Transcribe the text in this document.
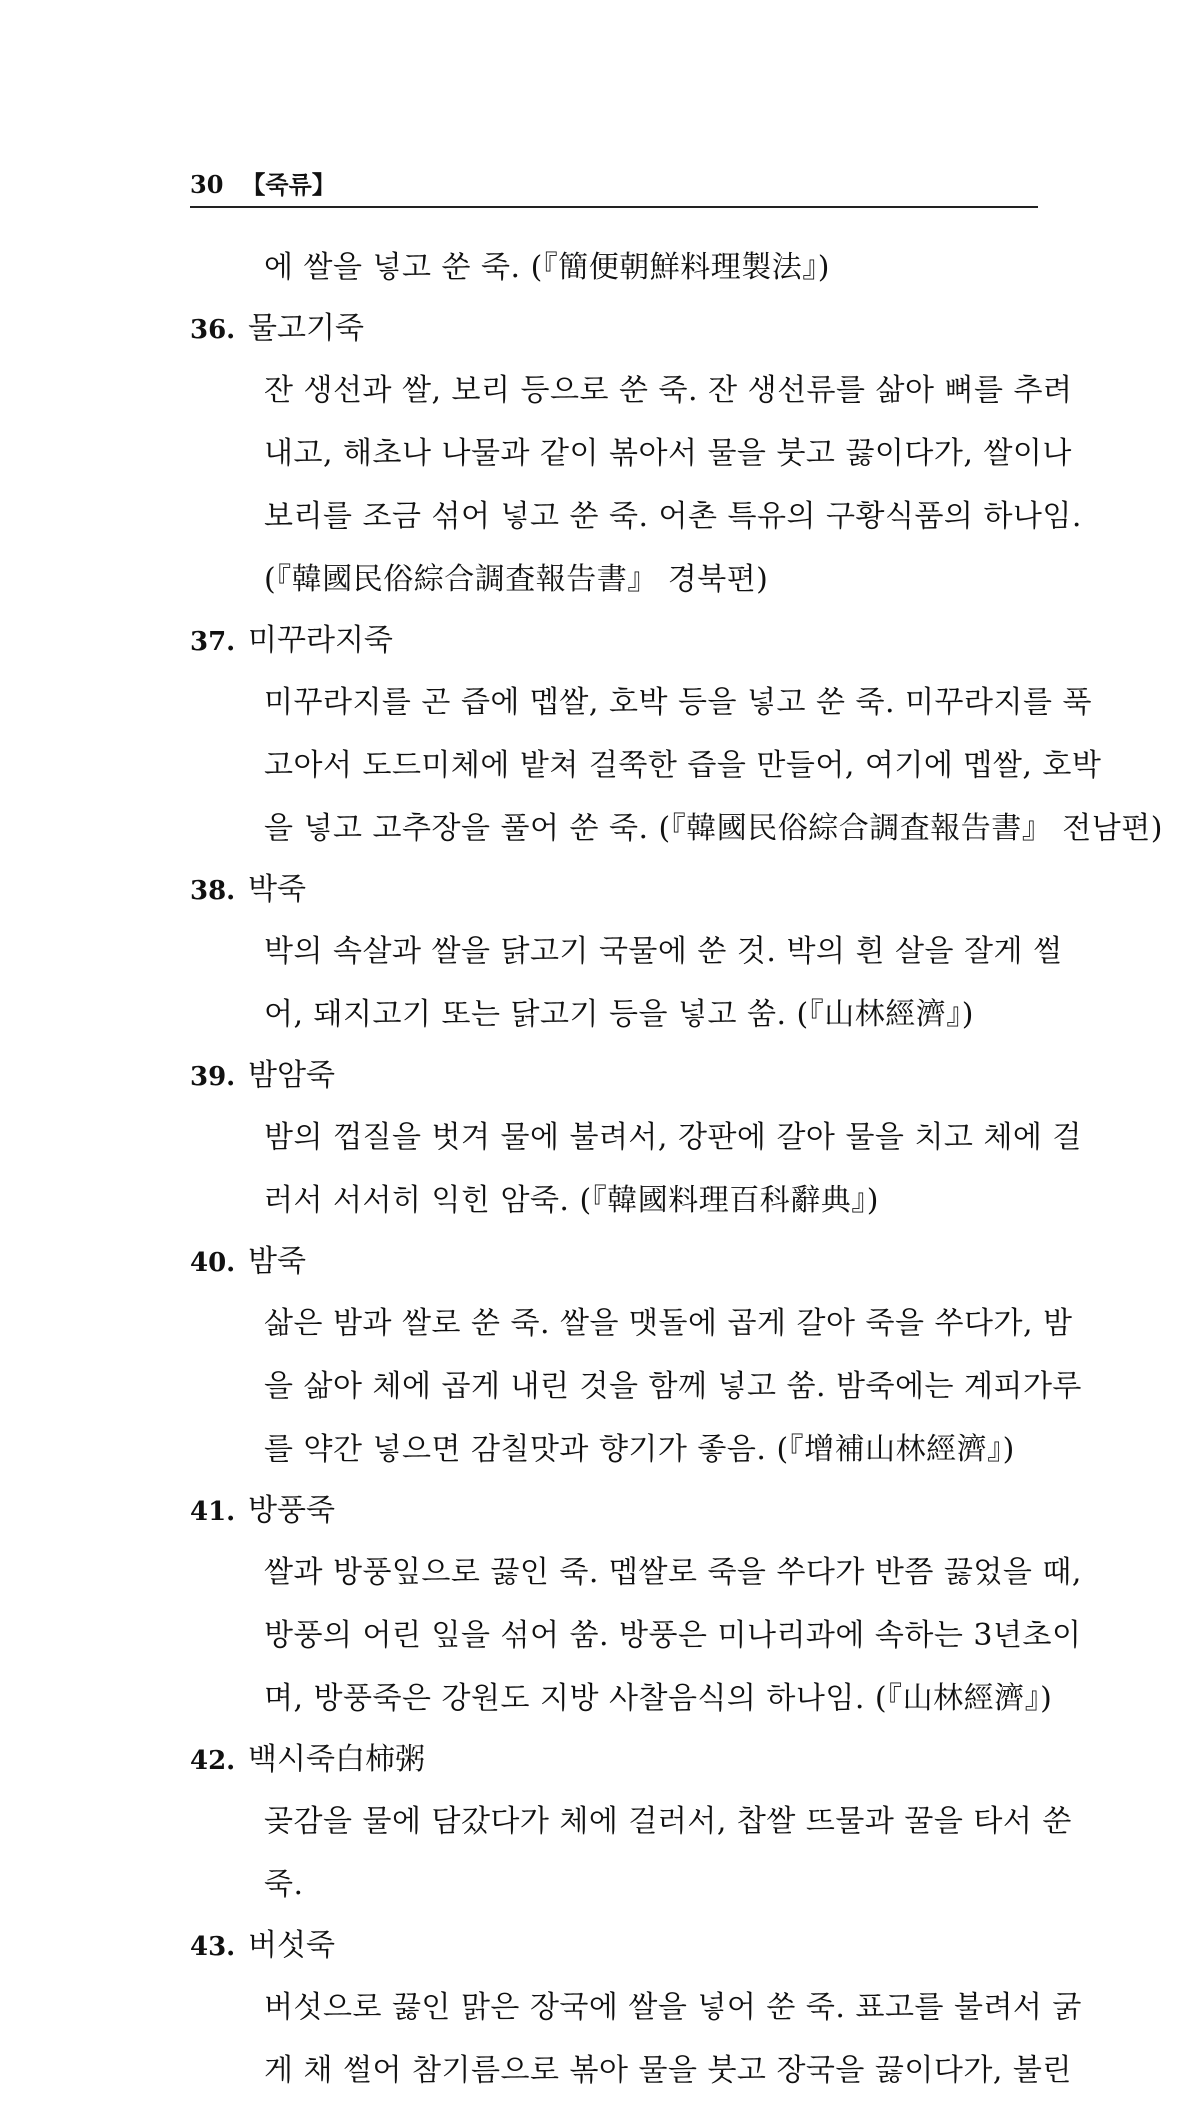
30 【죽류】
에 쌀을 넣고 쑨 죽. (『簡便朝鮮料理製法』)
36. 물고기죽
잔 생선과 쌀, 보리 등으로 쑨 죽. 잔 생선류를 삶아 뼈를 추려
내고, 해초나 나물과 같이 볶아서 물을 붓고 끓이다가, 쌀이나
보리를 조금 섞어 넣고 쑨 죽. 어촌 특유의 구황식품의 하나임.
(『韓國民俗綜合調査報告書』 경북편)
37. 미꾸라지죽
미꾸라지를 곤 즙에 멥쌀, 호박 등을 넣고 쑨 죽. 미꾸라지를 푹
고아서 도드미체에 밭쳐 걸쭉한 즙을 만들어, 여기에 멥쌀, 호박
을 넣고 고추장을 풀어 쑨 죽. (『韓國民俗綜合調査報告書』 전남편)
38. 박죽
박의 속살과 쌀을 닭고기 국물에 쑨 것. 박의 흰 살을 잘게 썰
어, 돼지고기 또는 닭고기 등을 넣고 쑴. (『山林經濟』)
39. 밤암죽
밤의 껍질을 벗겨 물에 불려서, 강판에 갈아 물을 치고 체에 걸
러서 서서히 익힌 암죽. (『韓國料理百科辭典』)
40. 밤죽
삶은 밤과 쌀로 쑨 죽. 쌀을 맷돌에 곱게 갈아 죽을 쑤다가, 밤
을 삶아 체에 곱게 내린 것을 함께 넣고 쑴. 밤죽에는 계피가루
를 약간 넣으면 감칠맛과 향기가 좋음. (『增補山林經濟』)
41. 방풍죽
쌀과 방풍잎으로 끓인 죽. 멥쌀로 죽을 쑤다가 반쯤 끓었을 때,
방풍의 어린 잎을 섞어 쑴. 방풍은 미나리과에 속하는 3년초이
며, 방풍죽은 강원도 지방 사찰음식의 하나임. (『山林經濟』)
42. 백시죽白柿粥
곶감을 물에 담갔다가 체에 걸러서, 찹쌀 뜨물과 꿀을 타서 쑨
죽.
43. 버섯죽
버섯으로 끓인 맑은 장국에 쌀을 넣어 쑨 죽. 표고를 불려서 굵
게 채 썰어 참기름으로 볶아 물을 붓고 장국을 끓이다가, 불린
